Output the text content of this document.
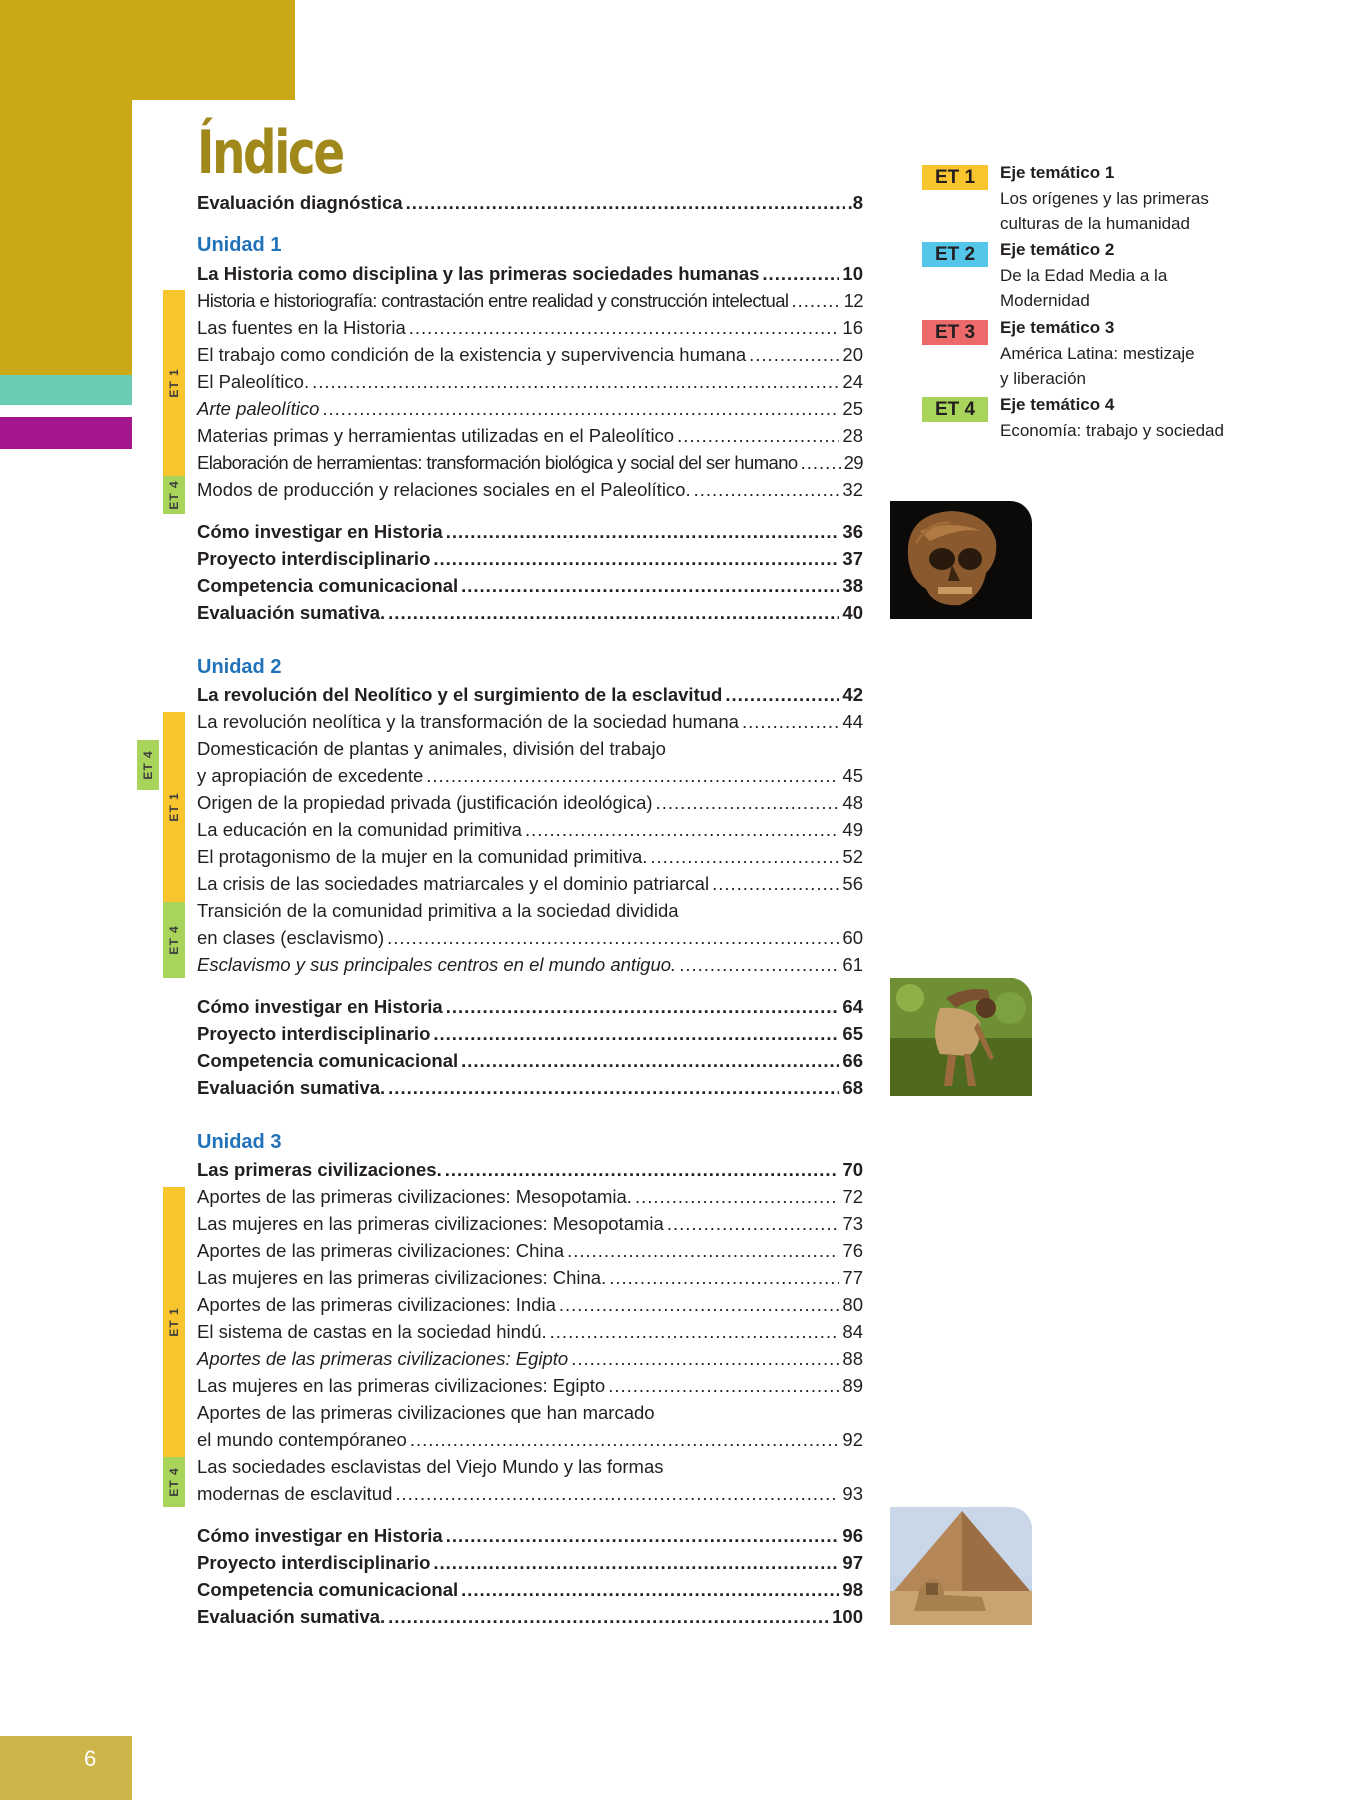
6
Índice
Evaluación diagnóstica .....	.8
Unidad 1
ET 1
ET 4
La Historia como disciplina y las primeras sociedades humanas .....	10
Historia e historiografía: contrastación entre realidad y construcción intelectual .....	12
Las fuentes en la Historia .....	16
El trabajo como condición de la existencia y supervivencia humana .....	20
El Paleolítico. .....	24
Arte paleolítico .....	25
Materias primas y herramientas utilizadas en el Paleolítico .....	28
Elaboración de herramientas: transformación biológica y social del ser humano ..... 29
Modos de producción y relaciones sociales en el Paleolítico. .....	32
Cómo investigar en Historia .....	36
Proyecto interdisciplinario .....	37
Competencia comunicacional .....	38
Evaluación sumativa. .....	40
Unidad 2
ET 4
ET 1
ET 4
La revolución del Neolítico y el surgimiento de la esclavitud .....	42
La revolución neolítica y la transformación de la sociedad humana .....	44
Domesticación de plantas y animales, división del trabajo
y apropiación de excedente .....	45
Origen de la propiedad privada (justificación ideológica) .....	48
La educación en la comunidad primitiva .....	49
El protagonismo de la mujer en la comunidad primitiva. .....	52
La crisis de las sociedades matriarcales y el dominio patriarcal .....	56
Transición de la comunidad primitiva a la sociedad dividida
en clases (esclavismo) .....	60
Esclavismo y sus principales centros en el mundo antiguo. .....	61
Cómo investigar en Historia .....	64
Proyecto interdisciplinario .....	65
Competencia comunicacional .....	66
Evaluación sumativa. .....	68
Unidad 3
ET 1
ET 4
Las primeras civilizaciones. .....	70
Aportes de las primeras civilizaciones: Mesopotamia. .....	72
Las mujeres en las primeras civilizaciones: Mesopotamia .....	73
Aportes de las primeras civilizaciones: China .....	76
Las mujeres en las primeras civilizaciones: China. .....	77
Aportes de las primeras civilizaciones: India .....	80
El sistema de castas en la sociedad hindú. .....	84
Aportes de las primeras civilizaciones: Egipto .....	88
Las mujeres en las primeras civilizaciones: Egipto .....	89
Aportes de las primeras civilizaciones que han marcado
el mundo contempóraneo .....	92
Las sociedades esclavistas del Viejo Mundo y las formas
modernas de esclavitud .....	93
Cómo investigar en Historia .....	96
Proyecto interdisciplinario .....	97
Competencia comunicacional .....	98
Evaluación sumativa. .....	100
ET 1	Eje temático 1
Los orígenes y las primeras culturas de la humanidad
ET 2	Eje temático 2
De la Edad Media a la Modernidad
ET 3	Eje temático 3
América Latina: mestizaje y liberación
ET 4	Eje temático 4
Economía: trabajo y sociedad
